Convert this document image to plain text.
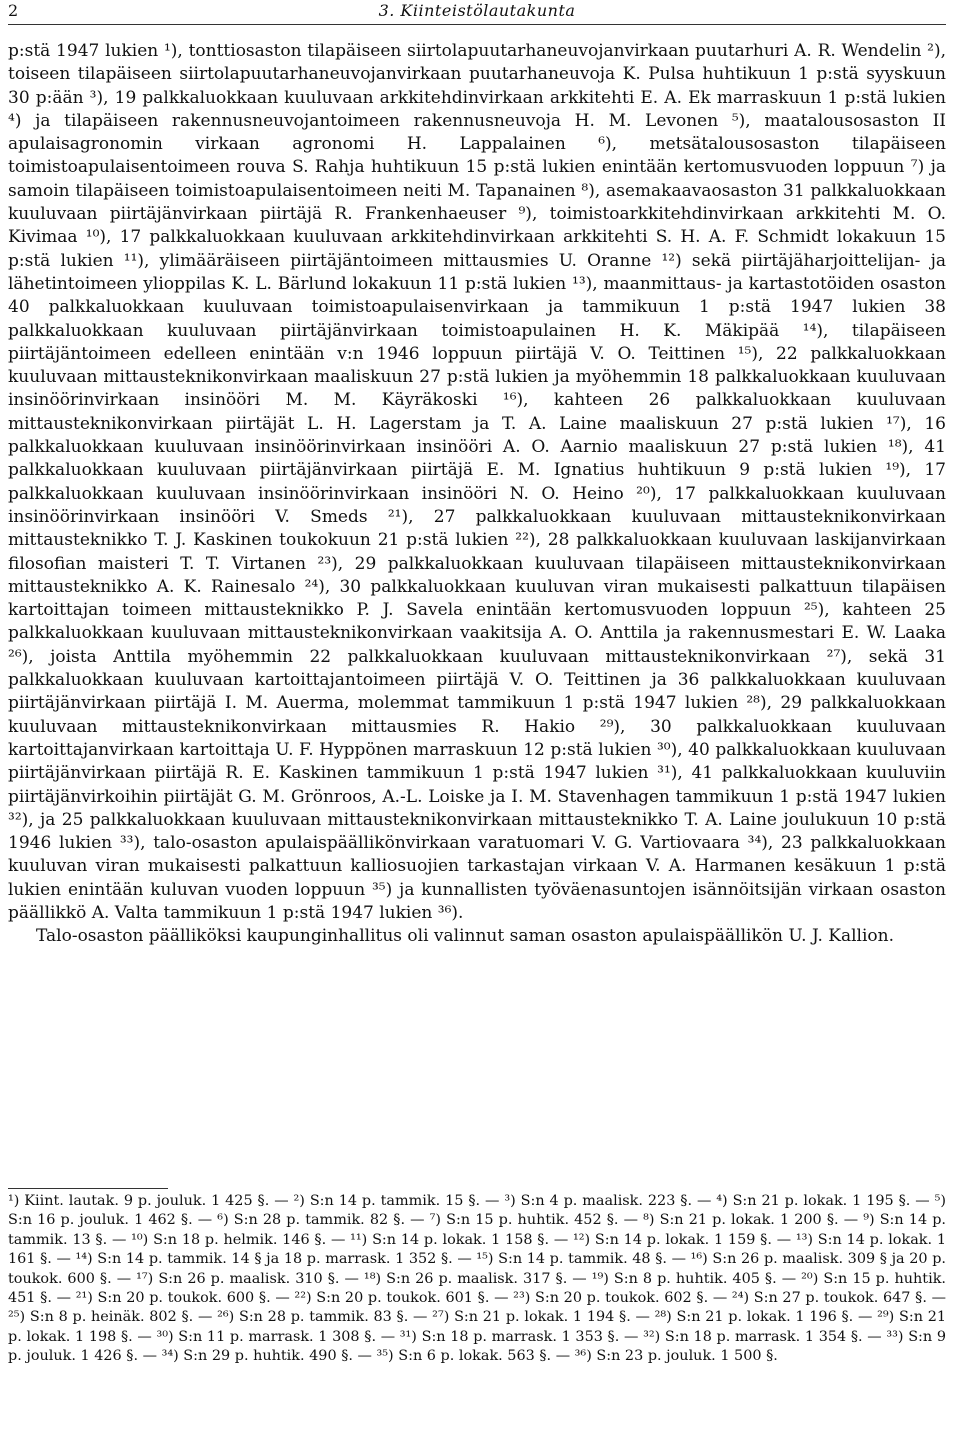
2	3. Kiinteistölautakunta

p:stä 1947 lukien ¹), tonttiosaston tilapäiseen siirtolapuutarhaneuvojanvirkaan puutarhuri A. R. Wendelin ²), toiseen tilapäiseen siirtolapuutarhaneuvojanvirkaan puutarhaneuvoja K. Pulsa huhtikuun 1 p:stä syyskuun 30 p:ään ³), 19 palkkaluokkaan kuuluvaan arkkitehdinvirkaan arkkitehti E. A. Ek marraskuun 1 p:stä lukien ⁴) ja tilapäiseen rakennusneuvojantoimeen rakennusneuvoja H. M. Levonen ⁵), maatalousosaston II apulaisagronomin virkaan agronomi H. Lappalainen ⁶), metsätalousosaston tilapäiseen toimistoapulaisentoimeen rouva S. Rahja huhtikuun 15 p:stä lukien enintään kertomusvuoden loppuun ⁷) ja samoin tilapäiseen toimistoapulaisentoimeen neiti M. Tapanainen ⁸), asemakaavaosaston 31 palkkaluokkaan kuuluvaan piirtäjänvirkaan piirtäjä R. Frankenhaeuser ⁹), toimistoarkkitehdinvirkaan arkkitehti M. O. Kivimaa ¹⁰), 17 palkkaluokkaan kuuluvaan arkkitehdinvirkaan arkkitehti S. H. A. F. Schmidt lokakuun 15 p:stä lukien ¹¹), ylimääräiseen piirtäjäntoimeen mittausmies U. Oranne ¹²) sekä piirtäjäharjoittelijan- ja lähetintoimeen ylioppilas K. L. Bärlund lokakuun 11 p:stä lukien ¹³), maanmittaus- ja kartastotöiden osaston 40 palkkaluokkaan kuuluvaan toimistoapulaisenvirkaan ja tammikuun 1 p:stä 1947 lukien 38 palkkaluokkaan kuuluvaan piirtäjänvirkaan toimistoapulainen H. K. Mäkipää ¹⁴), tilapäiseen piirtäjäntoimeen edelleen enintään v:n 1946 loppuun piirtäjä V. O. Teittinen ¹⁵), 22 palkkaluokkaan kuuluvaan mittausteknikonvirkaan maaliskuun 27 p:stä lukien ja myöhemmin 18 palkkaluokkaan kuuluvaan insinöörinvirkaan insinööri M. M. Käyräkoski ¹⁶), kahteen 26 palkkaluokkaan kuuluvaan mittausteknikonvirkaan piirtäjät L. H. Lagerstam ja T. A. Laine maaliskuun 27 p:stä lukien ¹⁷), 16 palkkaluokkaan kuuluvaan insinöörinvirkaan insinööri A. O. Aarnio maaliskuun 27 p:stä lukien ¹⁸), 41 palkkaluokkaan kuuluvaan piirtäjänvirkaan piirtäjä E. M. Ignatius huhtikuun 9 p:stä lukien ¹⁹), 17 palkkaluokkaan kuuluvaan insinöörinvirkaan insinööri N. O. Heino ²⁰), 17 palkkaluokkaan kuuluvaan insinöörinvirkaan insinööri V. Smeds ²¹), 27 palkkaluokkaan kuuluvaan mittausteknikonvirkaan mittausteknikko T. J. Kaskinen toukokuun 21 p:stä lukien ²²), 28 palkkaluokkaan kuuluvaan laskijanvirkaan filosofian maisteri T. T. Virtanen ²³), 29 palkkaluokkaan kuuluvaan tilapäiseen mittausteknikonvirkaan mittausteknikko A. K. Rainesalo ²⁴), 30 palkkaluokkaan kuuluvan viran mukaisesti palkattuun tilapäisen kartoittajan toimeen mittausteknikko P. J. Savela enintään kertomusvuoden loppuun ²⁵), kahteen 25 palkkaluokkaan kuuluvaan mittausteknikonvirkaan vaakitsija A. O. Anttila ja rakennusmestari E. W. Laaka ²⁶), joista Anttila myöhemmin 22 palkkaluokkaan kuuluvaan mittausteknikonvirkaan ²⁷), sekä 31 palkkaluokkaan kuuluvaan kartoittajantoimeen piirtäjä V. O. Teittinen ja 36 palkkaluokkaan kuuluvaan piirtäjänvirkaan piirtäjä I. M. Auerma, molemmat tammikuun 1 p:stä 1947 lukien ²⁸), 29 palkkaluokkaan kuuluvaan mittausteknikonvirkaan mittausmies R. Hakio ²⁹), 30 palkkaluokkaan kuuluvaan kartoittajanvirkaan kartoittaja U. F. Hyppönen marraskuun 12 p:stä lukien ³⁰), 40 palkkaluokkaan kuuluvaan piirtäjänvirkaan piirtäjä R. E. Kaskinen tammikuun 1 p:stä 1947 lukien ³¹), 41 palkkaluokkaan kuuluviin piirtäjänvirkoihin piirtäjät G. M. Grönroos, A.-L. Loiske ja I. M. Stavenhagen tammikuun 1 p:stä 1947 lukien ³²), ja 25 palkkaluokkaan kuuluvaan mittausteknikonvirkaan mittausteknikko T. A. Laine joulukuun 10 p:stä 1946 lukien ³³), talo-osaston apulaispäällikönvirkaan varatuomari V. G. Vartiovaara ³⁴), 23 palkkaluokkaan kuuluvan viran mukaisesti palkattuun kalliosuojien tarkastajan virkaan V. A. Harmanen kesäkuun 1 p:stä lukien enintään kuluvan vuoden loppuun ³⁵) ja kunnallisten työväenasuntojen isännöitsijän virkaan osaston päällikkö A. Valta tammikuun 1 p:stä 1947 lukien ³⁶).

Talo-osaston päälliköksi kaupunginhallitus oli valinnut saman osaston apulaispäällikön U. J. Kallion.

¹) Kiint. lautak. 9 p. jouluk. 1 425 §. — ²) S:n 14 p. tammik. 15 §. — ³) S:n 4 p. maalisk. 223 §. — ⁴) S:n 21 p. lokak. 1 195 §. — ⁵) S:n 16 p. jouluk. 1 462 §. — ⁶) S:n 28 p. tammik. 82 §. — ⁷) S:n 15 p. huhtik. 452 §. — ⁸) S:n 21 p. lokak. 1 200 §. — ⁹) S:n 14 p. tammik. 13 §. — ¹⁰) S:n 18 p. helmik. 146 §. — ¹¹) S:n 14 p. lokak. 1 158 §. — ¹²) S:n 14 p. lokak. 1 159 §. — ¹³) S:n 14 p. lokak. 1 161 §. — ¹⁴) S:n 14 p. tammik. 14 § ja 18 p. marrask. 1 352 §. — ¹⁵) S:n 14 p. tammik. 48 §. — ¹⁶) S:n 26 p. maalisk. 309 § ja 20 p. toukok. 600 §. — ¹⁷) S:n 26 p. maalisk. 310 §. — ¹⁸) S:n 26 p. maalisk. 317 §. — ¹⁹) S:n 8 p. huhtik. 405 §. — ²⁰) S:n 15 p. huhtik. 451 §. — ²¹) S:n 20 p. toukok. 600 §. — ²²) S:n 20 p. toukok. 601 §. — ²³) S:n 20 p. toukok. 602 §. — ²⁴) S:n 27 p. toukok. 647 §. — ²⁵) S:n 8 p. heinäk. 802 §. — ²⁶) S:n 28 p. tammik. 83 §. — ²⁷) S:n 21 p. lokak. 1 194 §. — ²⁸) S:n 21 p. lokak. 1 196 §. — ²⁹) S:n 21 p. lokak. 1 198 §. — ³⁰) S:n 11 p. marrask. 1 308 §. — ³¹) S:n 18 p. marrask. 1 353 §. — ³²) S:n 18 p. marrask. 1 354 §. — ³³) S:n 9 p. jouluk. 1 426 §. — ³⁴) S:n 29 p. huhtik. 490 §. — ³⁵) S:n 6 p. lokak. 563 §. — ³⁶) S:n 23 p. jouluk. 1 500 §.
